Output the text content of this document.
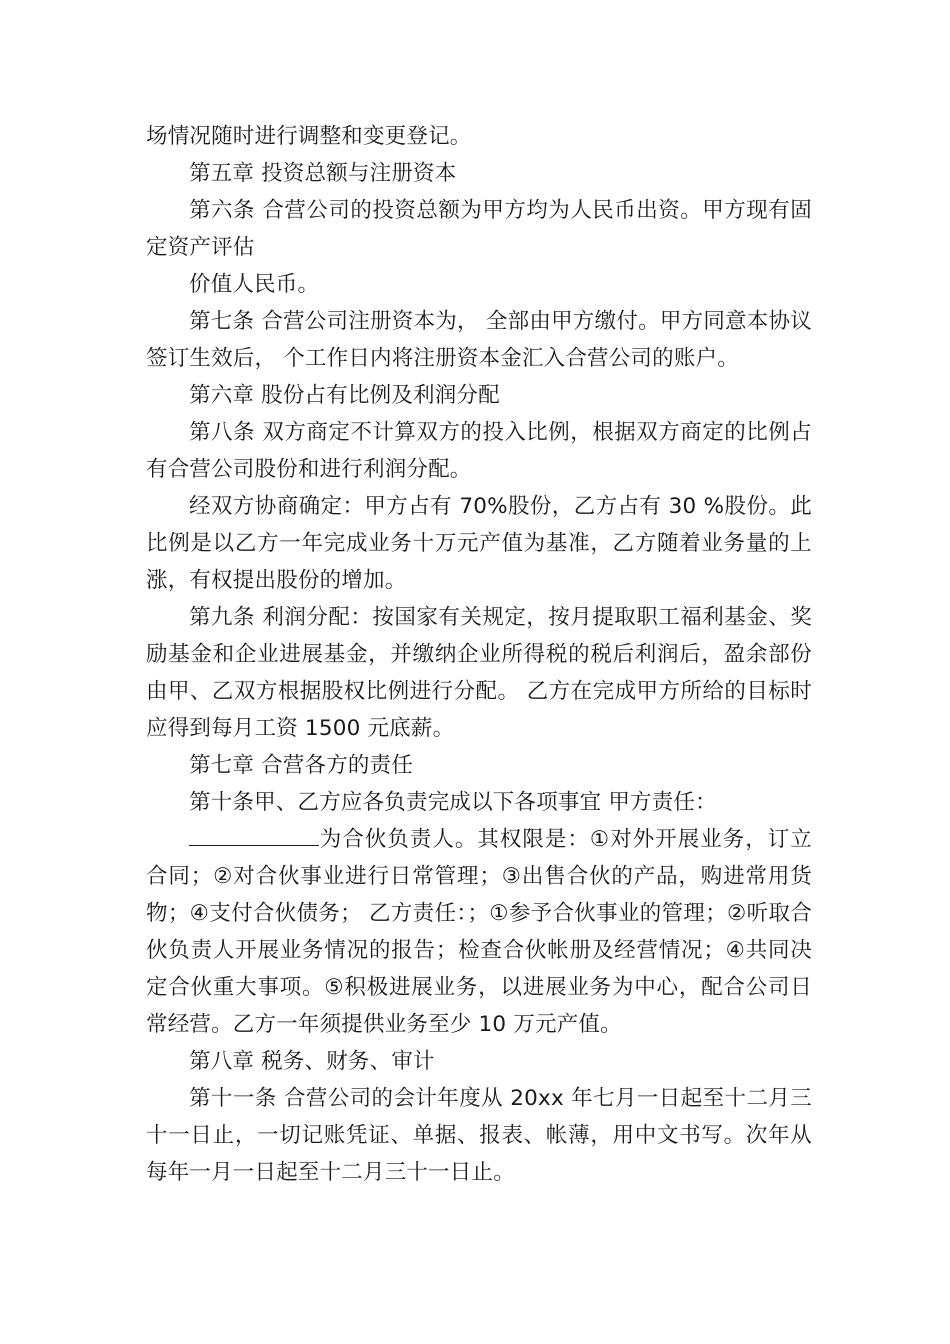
场情况随时进行调整和变更登记。

第五章 投资总额与注册资本

第六条 合营公司的投资总额为甲方均为人民币出资。甲方现有固定资产评估

价值人民币。

第七条 合营公司注册资本为， 全部由甲方缴付。甲方同意本协议签订生效后， 个工作日内将注册资本金汇入合营公司的账户。

第六章 股份占有比例及利润分配

第八条 双方商定不计算双方的投入比例，根据双方商定的比例占有合营公司股份和进行利润分配。

经双方协商确定：甲方占有 70%股份，乙方占有 30 %股份。此比例是以乙方一年完成业务十万元产值为基准，乙方随着业务量的上涨，有权提出股份的增加。

第九条 利润分配：按国家有关规定，按月提取职工福利基金、奖励基金和企业进展基金，并缴纳企业所得税的税后利润后，盈余部份由甲、乙双方根据股权比例进行分配。 乙方在完成甲方所给的目标时应得到每月工资 1500 元底薪。

第七章 合营各方的责任

第十条甲、乙方应各负责完成以下各项事宜 甲方责任：

为合伙负责人。其权限是：①对外开展业务，订立合同；②对合伙事业进行日常管理；③出售合伙的产品，购进常用货物；④支付合伙债务； 乙方责任：；①参予合伙事业的管理；②听取合伙负责人开展业务情况的报告；检查合伙帐册及经营情况；④共同决定合伙重大事项。⑤积极进展业务，以进展业务为中心，配合公司日常经营。乙方一年须提供业务至少 10 万元产值。

第八章 税务、财务、审计

第十一条 合营公司的会计年度从 20xx 年七月一日起至十二月三十一日止，一切记账凭证、单据、报表、帐薄，用中文书写。次年从每年一月一日起至十二月三十一日止。
